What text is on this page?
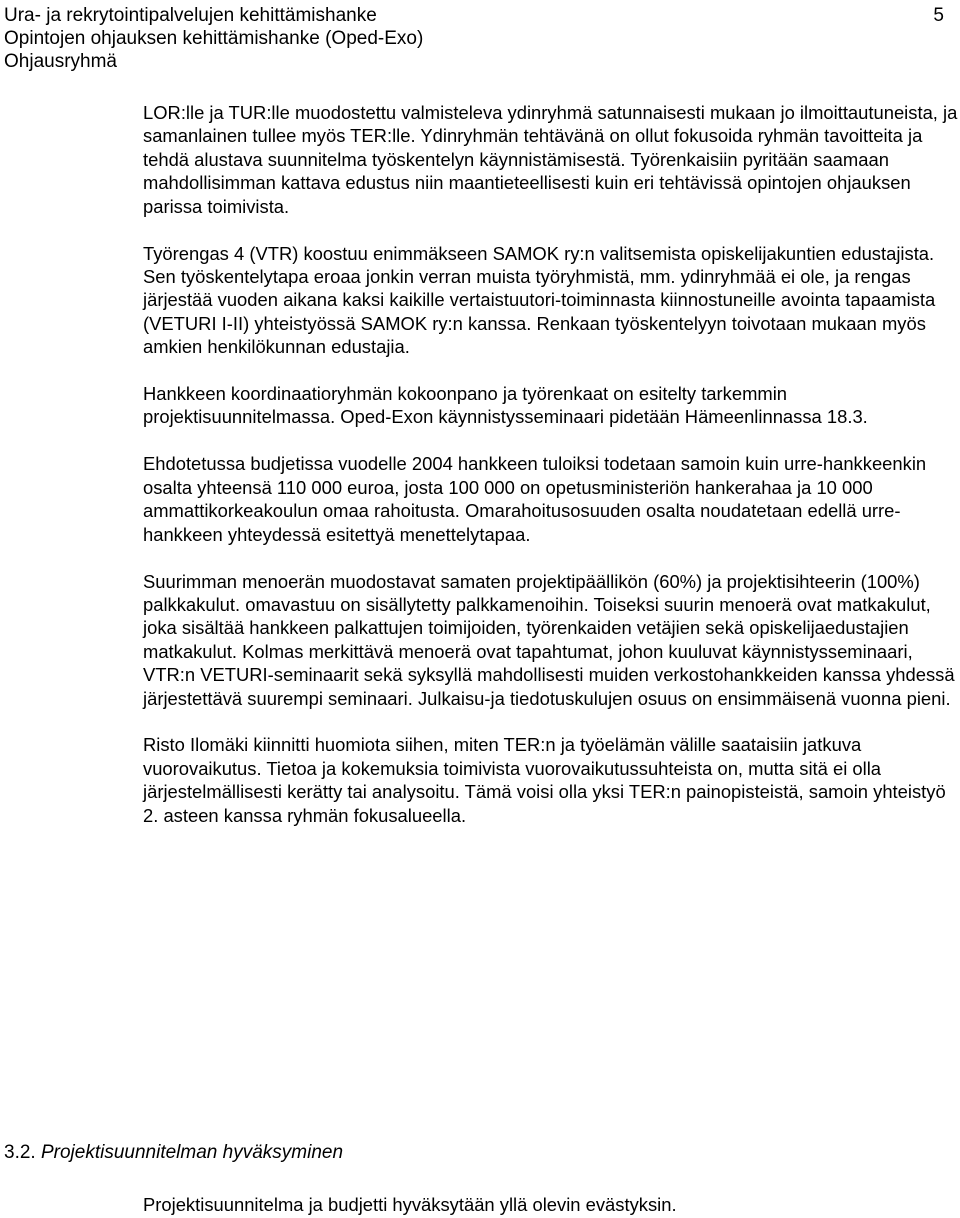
Ura- ja rekrytointipalvelujen kehittämishanke
Opintojen ohjauksen kehittämishanke (Oped-Exo)
Ohjausryhmä
5

LOR:lle ja TUR:lle muodostettu valmisteleva ydinryhmä satunnaisesti mukaan jo ilmoittautuneista, ja samanlainen tullee myös TER:lle. Ydinryhmän tehtävänä on ollut fokusoida ryhmän tavoitteita ja tehdä alustava suunnitelma työskentelyn käynnistämisestä. Työrenkaisiin pyritään saamaan mahdollisimman kattava edustus niin maantieteellisesti kuin eri tehtävissä opintojen ohjauksen parissa toimivista.

Työrengas 4 (VTR) koostuu enimmäkseen SAMOK ry:n valitsemista opiskelijakuntien edustajista. Sen työskentelytapa eroaa jonkin verran muista työryhmistä, mm. ydinryhmää ei ole, ja rengas järjestää vuoden aikana kaksi kaikille vertaistuutori-toiminnasta kiinnostuneille avointa tapaamista (VETURI I-II) yhteistyössä SAMOK ry:n kanssa. Renkaan työskentelyyn toivotaan mukaan myös amkien henkilökunnan edustajia.

Hankkeen koordinaatioryhmän kokoonpano ja työrenkaat on esitelty tarkemmin projektisuunnitelmassa. Oped-Exon käynnistysseminaari pidetään Hämeenlinnassa 18.3.

Ehdotetussa budjetissa vuodelle 2004 hankkeen tuloiksi todetaan samoin kuin urre-hankkeenkin osalta yhteensä 110 000 euroa, josta 100 000 on opetusministeriön hankerahaa ja 10 000 ammattikorkeakoulun omaa rahoitusta. Omarahoitusosuuden osalta noudatetaan edellä urre-hankkeen yhteydessä esitettyä menettelytapaa.

Suurimman menoerän muodostavat samaten projektipäällikön (60%) ja projektisihteerin (100%) palkkakulut. omavastuu on sisällytetty palkkamenoihin. Toiseksi suurin menoerä ovat matkakulut, joka sisältää hankkeen palkattujen toimijoiden, työrenkaiden vetäjien sekä opiskelijaedustajien matkakulut. Kolmas merkittävä menoerä ovat tapahtumat, johon kuuluvat käynnistysseminaari, VTR:n VETURI-seminaarit sekä syksyllä mahdollisesti muiden verkostohankkeiden kanssa yhdessä järjestettävä suurempi seminaari. Julkaisu-ja tiedotuskulujen osuus on ensimmäisenä vuonna pieni.

Risto Ilomäki kiinnitti huomiota siihen, miten TER:n ja työelämän välille saataisiin jatkuva vuorovaikutus. Tietoa ja kokemuksia toimivista vuorovaikutussuhteista on, mutta sitä ei olla järjestelmällisesti kerätty tai analysoitu. Tämä voisi olla yksi TER:n painopisteistä, samoin yhteistyö 2. asteen kanssa ryhmän fokusalueella.

3.2. Projektisuunnitelman hyväksyminen
Projektisuunnitelma ja budjetti hyväksytään yllä olevin evästyksin.
